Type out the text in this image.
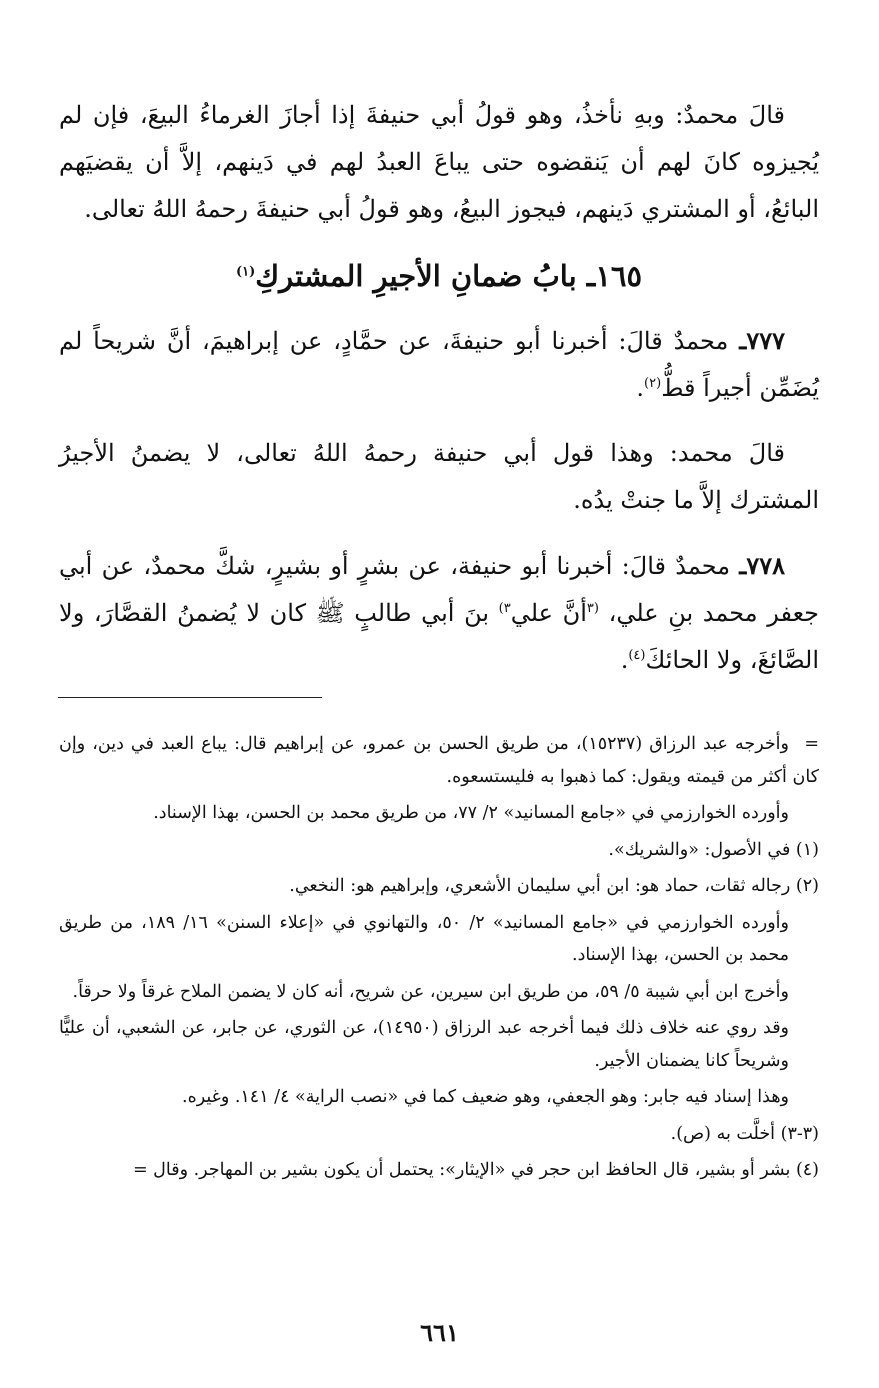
قالَ محمدٌ: وبهِ نأخذُ، وهو قولُ أبي حنيفةَ إذا أجازَ الغرماءُ البيعَ، فإن لم يُجيزوه كانَ لهم أن يَنقضوه حتى يباعَ العبدُ لهم في دَينهم، إلاَّ أن يقضيَهم البائعُ، أو المشتري دَينهم، فيجوز البيعُ، وهو قولُ أبي حنيفةَ رحمهُ اللهُ تعالى.

١٦٥ـ بابُ ضمانِ الأجيرِ المشتركِ$^{(١)}$

٧٧٧ـ محمدٌ قالَ: أخبرنا أبو حنيفةَ، عن حمَّادٍ، عن إبراهيمَ، أنَّ شريحاً لم يُضَمِّن أجيراً قطُّ$^{(٢)}$.

قالَ محمد: وهذا قول أبي حنيفة رحمهُ اللهُ تعالى، لا يضمنُ الأجيرُ المشترك إلاَّ ما جنتْ يدُه.

٧٧٨ـ محمدٌ قالَ: أخبرنا أبو حنيفة، عن بشرٍ أو بشيرٍ، شكَّ محمدٌ، عن أبي جعفر محمد بنِ علي، $^{(٣}$أنَّ علي$^{٣)}$ بنَ أبي طالبٍ ﷺ كان لا يُضمنُ القصَّارَ، ولا الصَّائغَ، ولا الحائكَ$^{(٤)}$.

=وأخرجه عبد الرزاق (١٥٢٣٧)، من طريق الحسن بن عمرو، عن إبراهيم قال: يباع العبد في دين، وإن كان أكثر من قيمته ويقول: كما ذهبوا به فليستسعوه.

وأورده الخوارزمي في «جامع المسانيد» ٢/ ٧٧، من طريق محمد بن الحسن، بهذا الإسناد.

(١) في الأصول: «والشريك».

(٢) رجاله ثقات، حماد هو: ابن أبي سليمان الأشعري، وإبراهيم هو: النخعي.

وأورده الخوارزمي في «جامع المسانيد» ٢/ ٥٠، والتهانوي في «إعلاء السنن» ١٦/ ١٨٩، من طريق محمد بن الحسن، بهذا الإسناد.

وأخرج ابن أبي شيبة ٥/ ٥٩، من طريق ابن سيرين، عن شريح، أنه كان لا يضمن الملاح غرقاً ولا حرقاً.

وقد روي عنه خلاف ذلك فيما أخرجه عبد الرزاق (١٤٩٥٠)، عن الثوري، عن جابر، عن الشعبي، أن عليًّا وشريحاً كانا يضمنان الأجير.

وهذا إسناد فيه جابر: وهو الجعفي، وهو ضعيف كما في «نصب الراية» ٤/ ١٤١. وغيره.

(٣-٣) أخلَّت به (ص).

(٤) بشر أو بشير، قال الحافظ ابن حجر في «الإيثار»: يحتمل أن يكون بشير بن المهاجر. وقال =

٦٦١
